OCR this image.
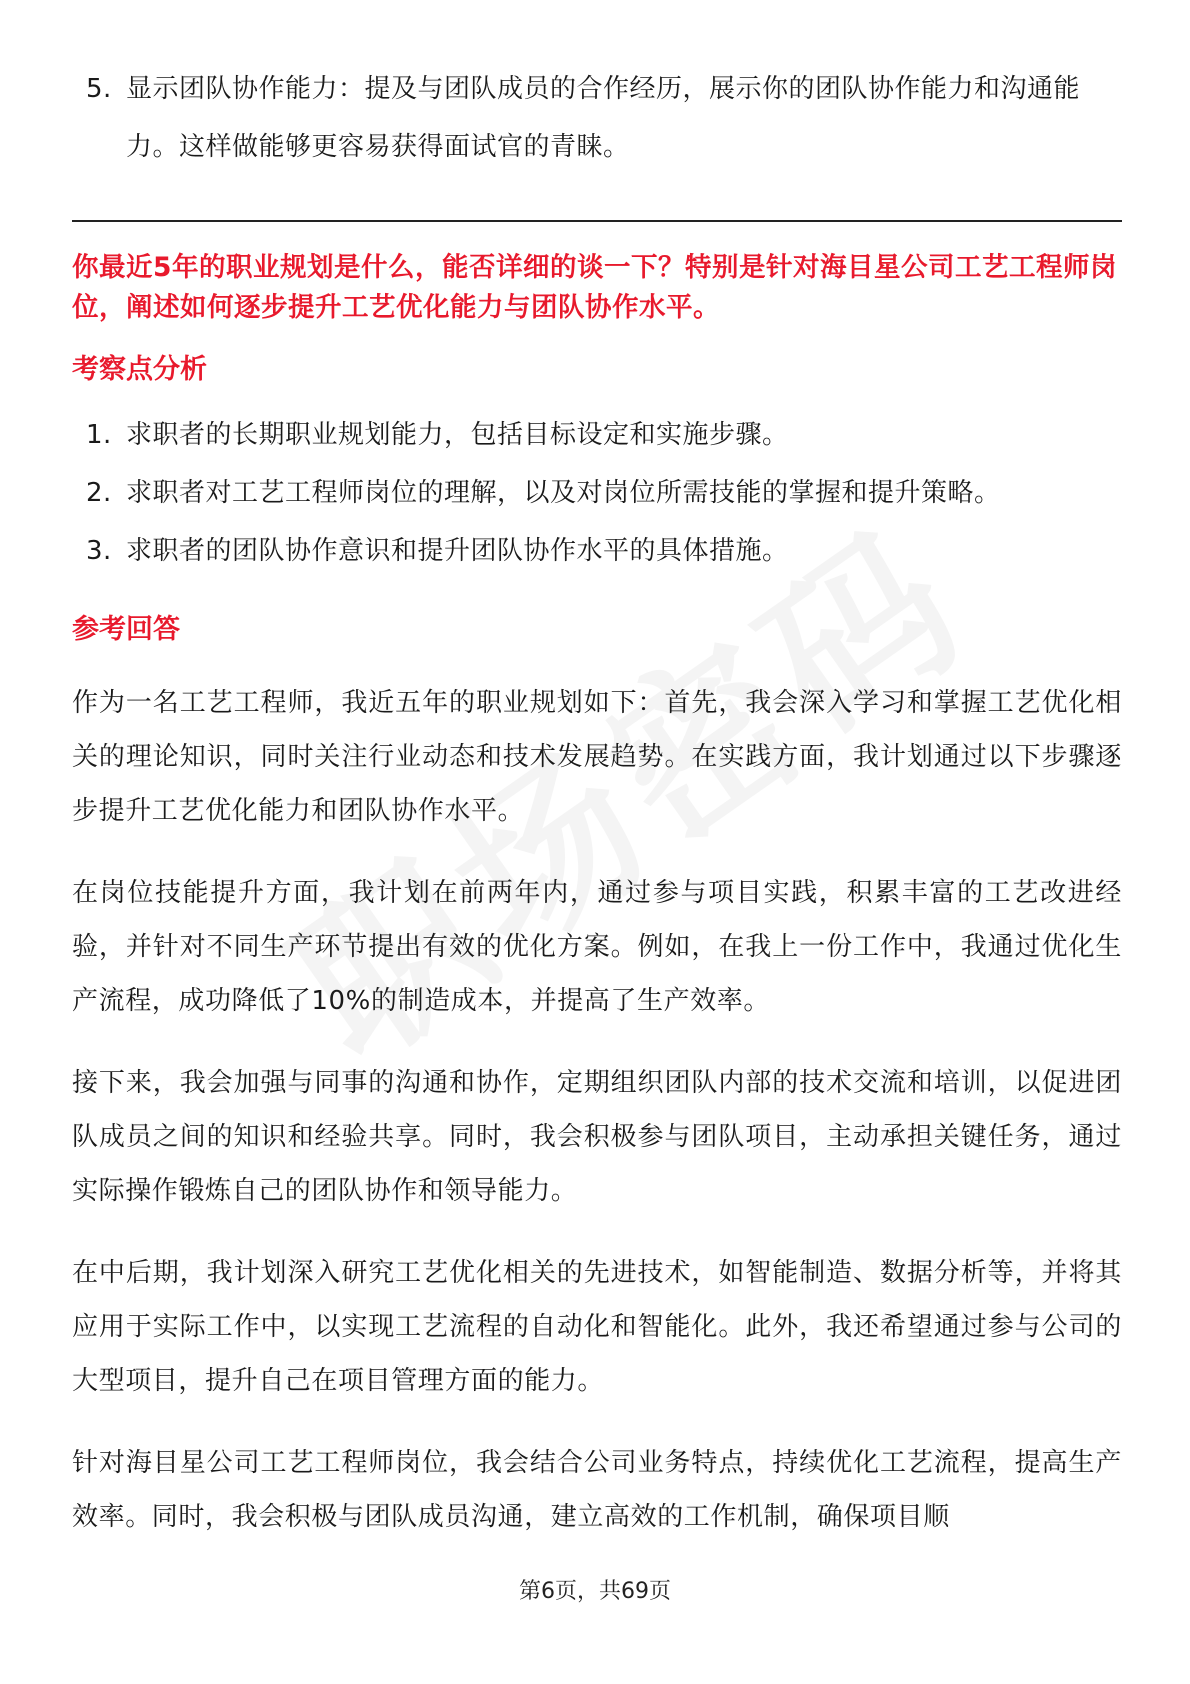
5. 显示团队协作能力：提及与团队成员的合作经历，展示你的团队协作能力和沟通能力。这样做能够更容易获得面试官的青睐。
你最近5年的职业规划是什么，能否详细的谈一下？特别是针对海目星公司工艺工程师岗位，阐述如何逐步提升工艺优化能力与团队协作水平。
考察点分析
1. 求职者的长期职业规划能力，包括目标设定和实施步骤。
2. 求职者对工艺工程师岗位的理解，以及对岗位所需技能的掌握和提升策略。
3. 求职者的团队协作意识和提升团队协作水平的具体措施。
参考回答

作为一名工艺工程师，我近五年的职业规划如下：首先，我会深入学习和掌握工艺优化相关的理论知识，同时关注行业动态和技术发展趋势。在实践方面，我计划通过以下步骤逐步提升工艺优化能力和团队协作水平。

在岗位技能提升方面，我计划在前两年内，通过参与项目实践，积累丰富的工艺改进经验，并针对不同生产环节提出有效的优化方案。例如，在我上一份工作中，我通过优化生产流程，成功降低了10%的制造成本，并提高了生产效率。

接下来，我会加强与同事的沟通和协作，定期组织团队内部的技术交流和培训，以促进团队成员之间的知识和经验共享。同时，我会积极参与团队项目，主动承担关键任务，通过实际操作锻炼自己的团队协作和领导能力。

在中后期，我计划深入研究工艺优化相关的先进技术，如智能制造、数据分析等，并将其应用于实际工作中，以实现工艺流程的自动化和智能化。此外，我还希望通过参与公司的大型项目，提升自己在项目管理方面的能力。

针对海目星公司工艺工程师岗位，我会结合公司业务特点，持续优化工艺流程，提高生产效率。同时，我会积极与团队成员沟通，建立高效的工作机制，确保项目顺

第6页，共69页
